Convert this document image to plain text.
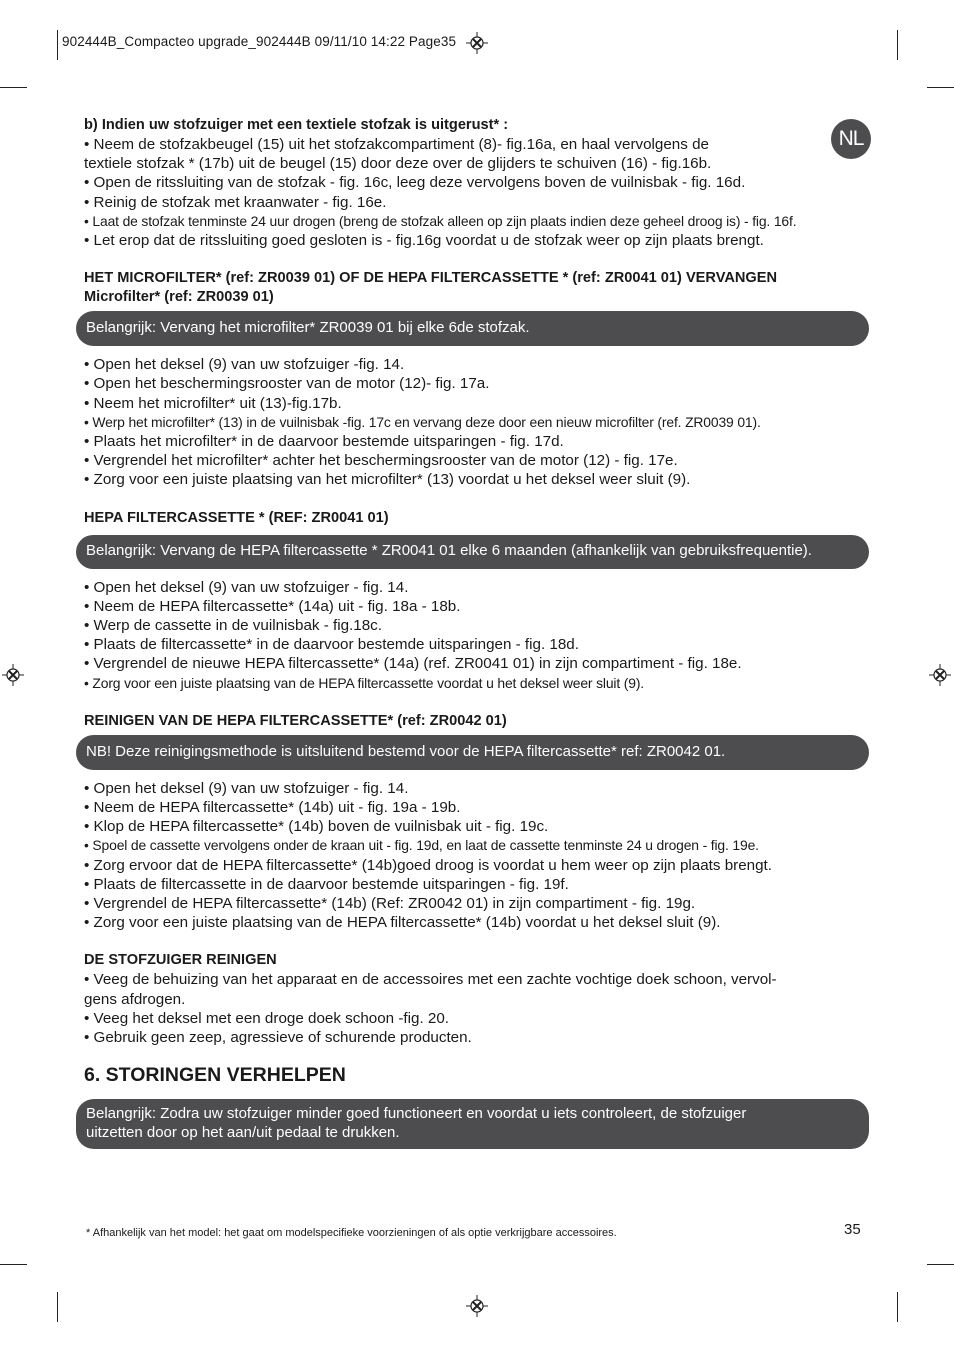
902444B_Compacteo upgrade_902444B 09/11/10 14:22 Page35
NL
b) Indien uw stofzuiger met een textiele stofzak is uitgerust* :

• Neem de stofzakbeugel (15) uit het stofzakcompartiment (8)- fig.16a, en haal vervolgens de

textiele stofzak * (17b) uit de beugel (15) door deze over de glijders te schuiven (16) - fig.16b.

• Open de ritssluiting van de stofzak - fig. 16c, leeg deze vervolgens boven de vuilnisbak - fig. 16d.

• Reinig de stofzak met kraanwater - fig. 16e.

• Laat de stofzak tenminste 24 uur drogen (breng de stofzak alleen op zijn plaats indien deze geheel droog is) - fig. 16f.

• Let erop dat de ritssluiting goed gesloten is - fig.16g voordat u de stofzak weer op zijn plaats brengt.

HET MICROFILTER* (ref: ZR0039 01) OF DE HEPA FILTERCASSETTE * (ref: ZR0041 01) VERVANGEN
Microfilter* (ref: ZR0039 01)
Belangrijk: Vervang het microfilter* ZR0039 01 bij elke 6de stofzak.

• Open het deksel (9) van uw stofzuiger -fig. 14.

• Open het beschermingsrooster van de motor (12)- fig. 17a.

• Neem het microfilter* uit (13)-fig.17b.

• Werp het microfilter* (13) in de vuilnisbak -fig. 17c en vervang deze door een nieuw microfilter (ref. ZR0039 01).

• Plaats het microfilter* in de daarvoor bestemde uitsparingen - fig. 17d.

• Vergrendel het microfilter* achter het beschermingsrooster van de motor (12) - fig. 17e.

• Zorg voor een juiste plaatsing van het microfilter* (13) voordat u het deksel weer sluit (9).

HEPA FILTERCASSETTE * (REF: ZR0041 01)
Belangrijk: Vervang de HEPA filtercassette * ZR0041 01 elke 6 maanden (afhankelijk van gebruiksfrequentie).

• Open het deksel (9) van uw stofzuiger - fig. 14.

• Neem de HEPA filtercassette* (14a) uit - fig. 18a - 18b.

• Werp de cassette in de vuilnisbak - fig.18c.

• Plaats de filtercassette* in de daarvoor bestemde uitsparingen - fig. 18d.

• Vergrendel de nieuwe HEPA filtercassette* (14a) (ref. ZR0041 01) in zijn compartiment - fig. 18e.

• Zorg voor een juiste plaatsing van de HEPA filtercassette voordat u het deksel weer sluit (9).

REINIGEN VAN DE HEPA FILTERCASSETTE* (ref: ZR0042 01)
NB! Deze reinigingsmethode is uitsluitend bestemd voor de HEPA filtercassette* ref: ZR0042 01.

• Open het deksel (9) van uw stofzuiger - fig. 14.

• Neem de HEPA filtercassette* (14b) uit - fig. 19a - 19b.

• Klop de HEPA filtercassette* (14b) boven de vuilnisbak uit - fig. 19c.

• Spoel de cassette vervolgens onder de kraan uit - fig. 19d, en laat de cassette tenminste 24 u drogen - fig. 19e.

• Zorg ervoor dat de HEPA filtercassette* (14b)goed droog is voordat u hem weer op zijn plaats brengt.

• Plaats de filtercassette in de daarvoor bestemde uitsparingen - fig. 19f.

• Vergrendel de HEPA filtercassette* (14b) (Ref: ZR0042 01) in zijn compartiment - fig. 19g.

• Zorg voor een juiste plaatsing van de HEPA filtercassette* (14b) voordat u het deksel sluit (9).

DE STOFZUIGER REINIGEN

• Veeg de behuizing van het apparaat en de accessoires met een zachte vochtige doek schoon, vervol-

gens afdrogen.

• Veeg het deksel met een droge doek schoon -fig. 20.

• Gebruik geen zeep, agressieve of schurende producten.

6. STORINGEN VERHELPEN
Belangrijk: Zodra uw stofzuiger minder goed functioneert en voordat u iets controleert, de stofzuiger
uitzetten door op het aan/uit pedaal te drukken.
35
* Afhankelijk van het model: het gaat om modelspecifieke voorzieningen of als optie verkrijgbare accessoires.
